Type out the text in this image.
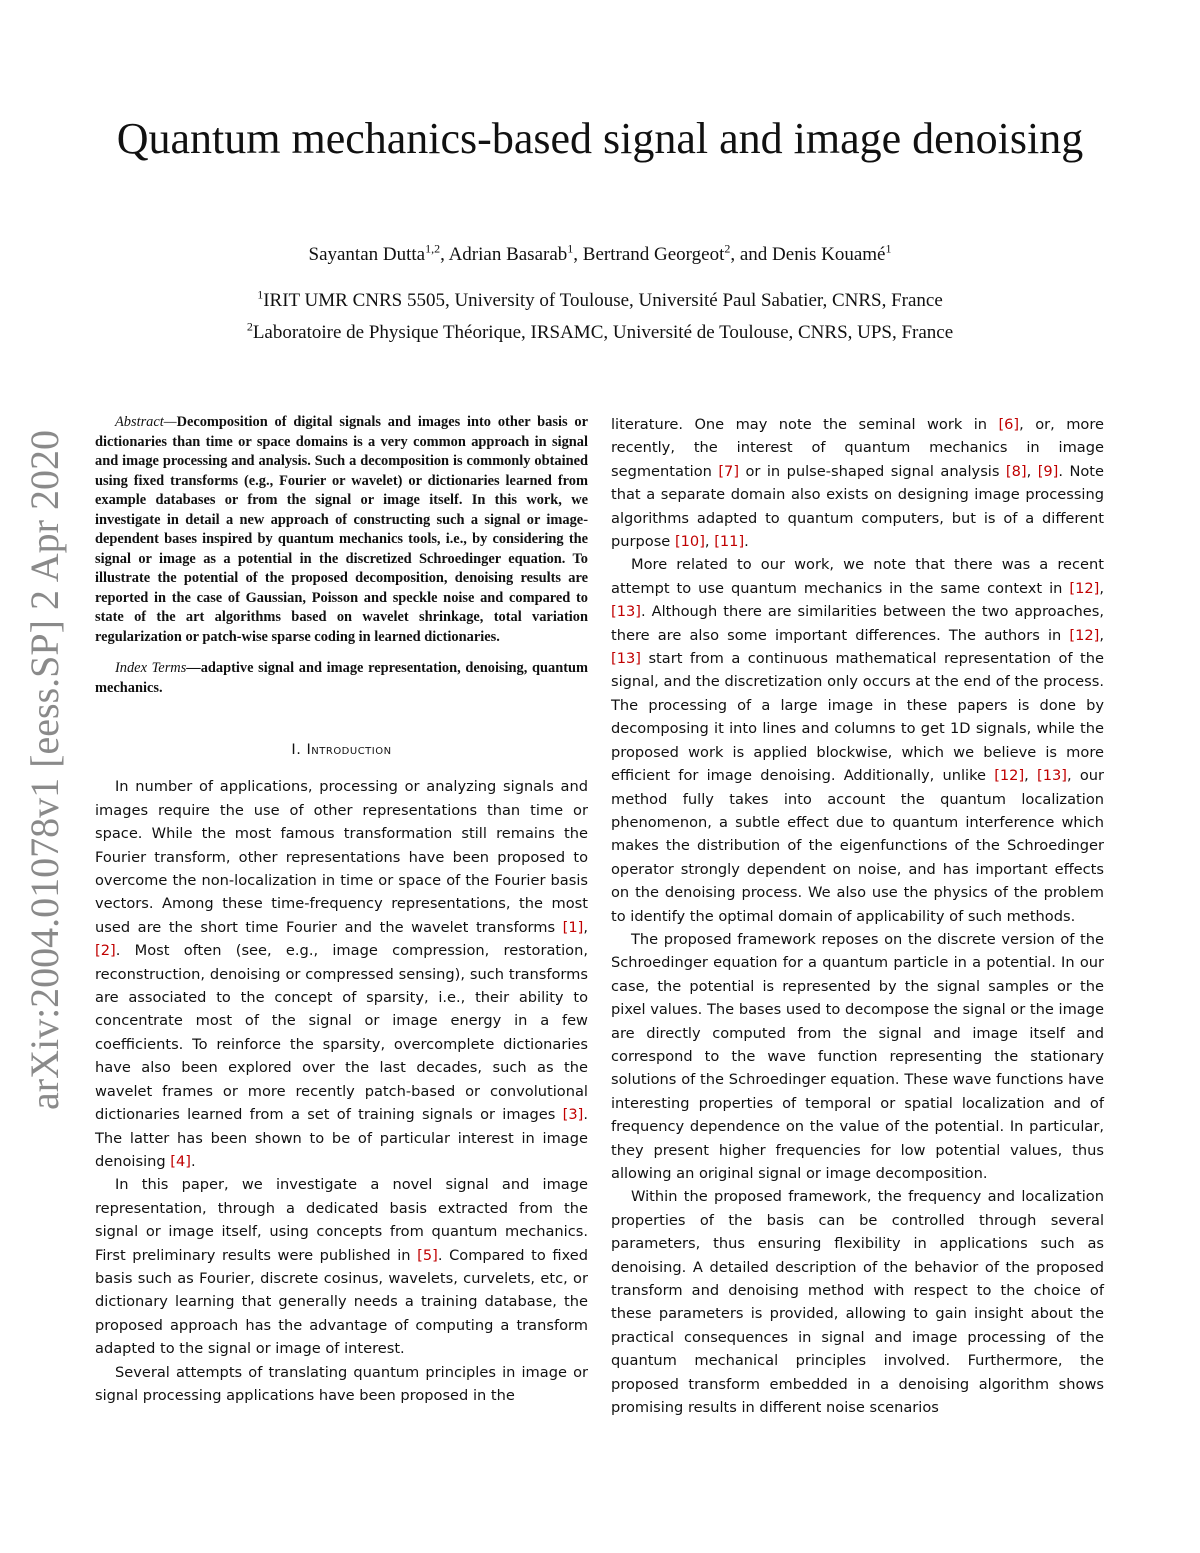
arXiv:2004.01078v1 [eess.SP] 2 Apr 2020
Quantum mechanics-based signal and image denoising
Sayantan Dutta$^{1,2}$, Adrian Basarab$^1$, Bertrand Georgeot$^2$, and Denis Kouamé$^1$
$^1$IRIT UMR CNRS 5505, University of Toulouse, Université Paul Sabatier, CNRS, France
$^2$Laboratoire de Physique Théorique, IRSAMC, Université de Toulouse, CNRS, UPS, France

Abstract—Decomposition of digital signals and images into other basis or dictionaries than time or space domains is a very common approach in signal and image processing and analysis. Such a decomposition is commonly obtained using fixed transforms (e.g., Fourier or wavelet) or dictionaries learned from example databases or from the signal or image itself. In this work, we investigate in detail a new approach of constructing such a signal or image-dependent bases inspired by quantum mechanics tools, i.e., by considering the signal or image as a potential in the discretized Schroedinger equation. To illustrate the potential of the proposed decomposition, denoising results are reported in the case of Gaussian, Poisson and speckle noise and compared to state of the art algorithms based on wavelet shrinkage, total variation regularization or patch-wise sparse coding in learned dictionaries.

Index Terms—adaptive signal and image representation, denoising, quantum mechanics.

I. Introduction

In number of applications, processing or analyzing signals and images require the use of other representations than time or space. While the most famous transformation still remains the Fourier transform, other representations have been proposed to overcome the non-localization in time or space of the Fourier basis vectors. Among these time-frequency representations, the most used are the short time Fourier and the wavelet transforms [1], [2]. Most often (see, e.g., image compression, restoration, reconstruction, denoising or compressed sensing), such transforms are associated to the concept of sparsity, i.e., their ability to concentrate most of the signal or image energy in a few coefficients. To reinforce the sparsity, overcomplete dictionaries have also been explored over the last decades, such as the wavelet frames or more recently patch-based or convolutional dictionaries learned from a set of training signals or images [3]. The latter has been shown to be of particular interest in image denoising [4].

In this paper, we investigate a novel signal and image representation, through a dedicated basis extracted from the signal or image itself, using concepts from quantum mechanics. First preliminary results were published in [5]. Compared to fixed basis such as Fourier, discrete cosinus, wavelets, curvelets, etc, or dictionary learning that generally needs a training database, the proposed approach has the advantage of computing a transform adapted to the signal or image of interest.

Several attempts of translating quantum principles in image or signal processing applications have been proposed in the

literature. One may note the seminal work in [6], or, more recently, the interest of quantum mechanics in image segmentation [7] or in pulse-shaped signal analysis [8], [9]. Note that a separate domain also exists on designing image processing algorithms adapted to quantum computers, but is of a different purpose [10], [11].

More related to our work, we note that there was a recent attempt to use quantum mechanics in the same context in [12], [13]. Although there are similarities between the two approaches, there are also some important differences. The authors in [12], [13] start from a continuous mathematical representation of the signal, and the discretization only occurs at the end of the process. The processing of a large image in these papers is done by decomposing it into lines and columns to get 1D signals, while the proposed work is applied blockwise, which we believe is more efficient for image denoising. Additionally, unlike [12], [13], our method fully takes into account the quantum localization phenomenon, a subtle effect due to quantum interference which makes the distribution of the eigenfunctions of the Schroedinger operator strongly dependent on noise, and has important effects on the denoising process. We also use the physics of the problem to identify the optimal domain of applicability of such methods.

The proposed framework reposes on the discrete version of the Schroedinger equation for a quantum particle in a potential. In our case, the potential is represented by the signal samples or the pixel values. The bases used to decompose the signal or the image are directly computed from the signal and image itself and correspond to the wave function representing the stationary solutions of the Schroedinger equation. These wave functions have interesting properties of temporal or spatial localization and of frequency dependence on the value of the potential. In particular, they present higher frequencies for low potential values, thus allowing an original signal or image decomposition.

Within the proposed framework, the frequency and localization properties of the basis can be controlled through several parameters, thus ensuring flexibility in applications such as denoising. A detailed description of the behavior of the proposed transform and denoising method with respect to the choice of these parameters is provided, allowing to gain insight about the practical consequences in signal and image processing of the quantum mechanical principles involved. Furthermore, the proposed transform embedded in a denoising algorithm shows promising results in different noise scenarios
